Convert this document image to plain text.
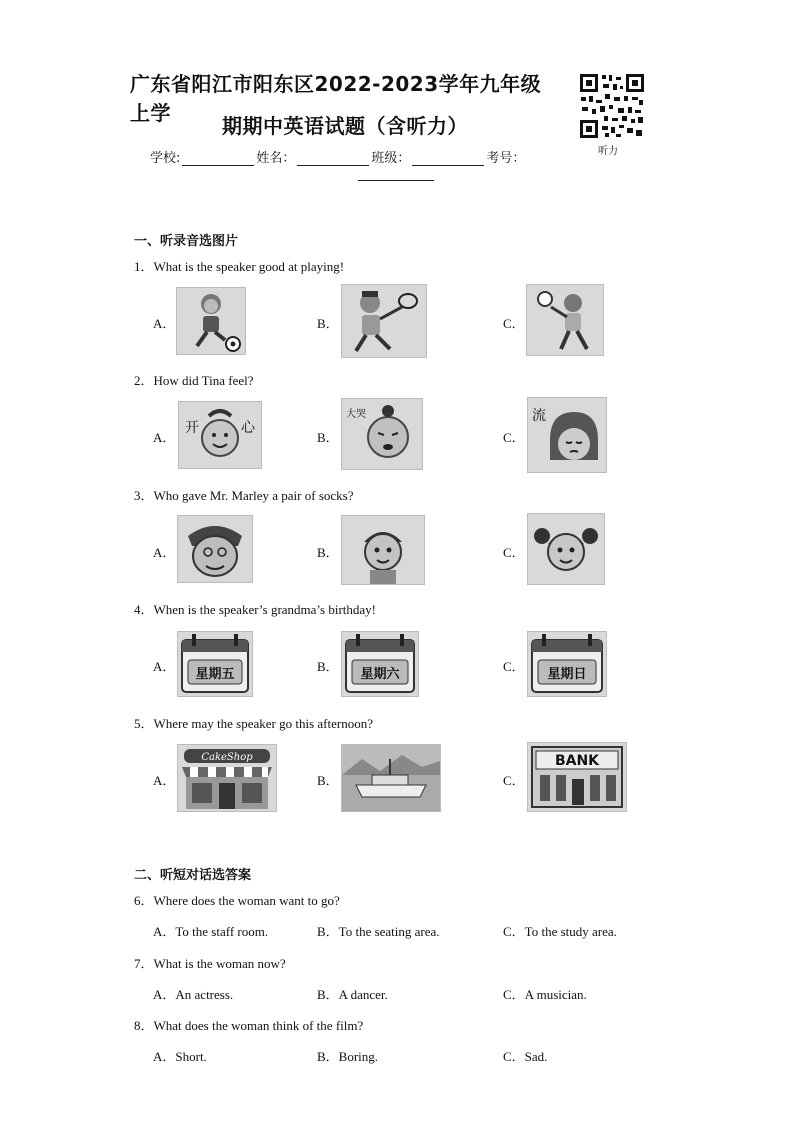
广东省阳江市阳东区2022-2023学年九年级上学
期期中英语试题（含听力）
听力
学校:	姓名：	班级：	考号：
一、听录音选图片
1．What is the speaker good at playing!
A．	B．	C．
2．How did Tina feel?
A．
开	心
B．
大哭
C．
流
3．Who gave Mr. Marley a pair of socks?
A．	B．	C．
4．When is the speaker’s grandma’s birthday!
A．
星期五
B．
星期六
C．
星期日
5．Where may the speaker go this afternoon?
A．
CakeShop
B．	C．
BANK
二、听短对话选答案
6．Where does the woman want to go?
A．To the staff room.	B．To the seating area.	C．To the study area.
7．What is the woman now?
A．An actress.	B．A dancer.	C．A musician.
8．What does the woman think of the film?
A．Short.	B．Boring.	C．Sad.
